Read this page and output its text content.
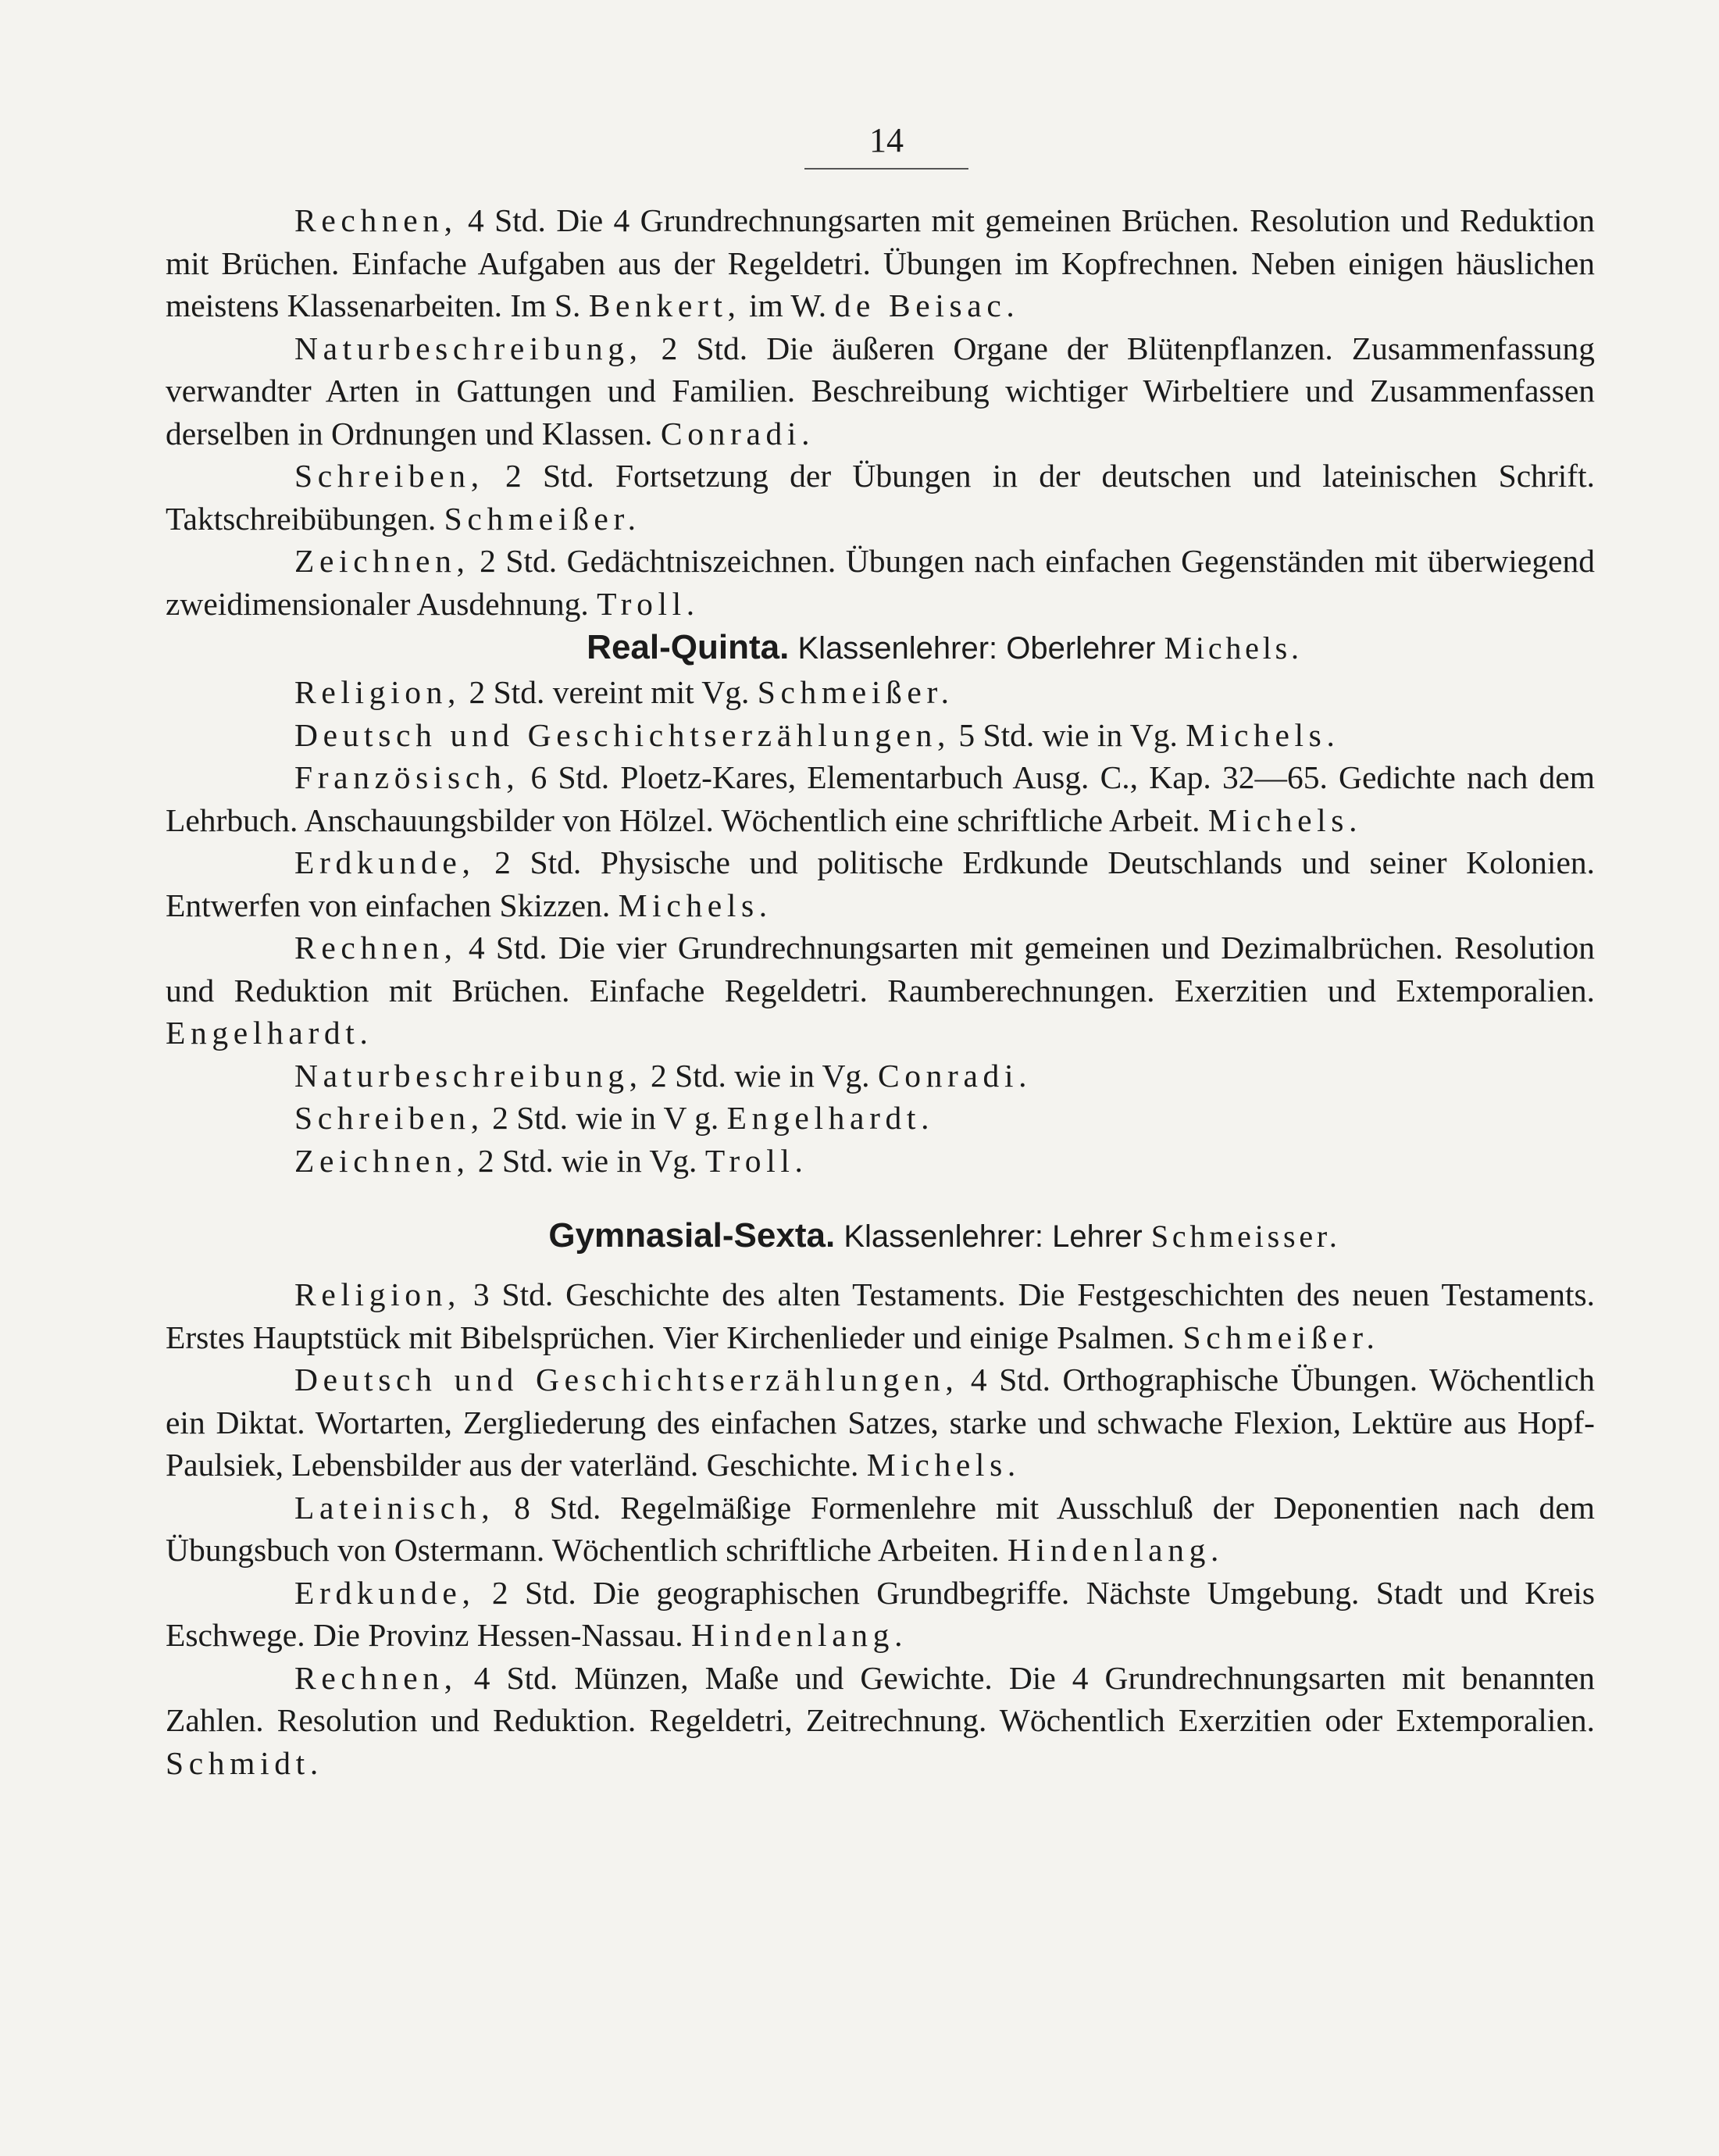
14

Rechnen, 4 Std. Die 4 Grundrechnungsarten mit gemeinen Brüchen. Resolution und Reduktion mit Brüchen. Einfache Aufgaben aus der Regeldetri. Übungen im Kopfrechnen. Neben einigen häuslichen meistens Klassenarbeiten. Im S. Benkert, im W. de Beisac.

Naturbeschreibung, 2 Std. Die äußeren Organe der Blütenpflanzen. Zusammenfassung verwandter Arten in Gattungen und Familien. Beschreibung wichtiger Wirbeltiere und Zusammenfassen derselben in Ordnungen und Klassen. Conradi.

Schreiben, 2 Std. Fortsetzung der Übungen in der deutschen und lateinischen Schrift. Taktschreibübungen. Schmeißer.

Zeichnen, 2 Std. Gedächtniszeichnen. Übungen nach einfachen Gegenständen mit überwiegend zweidimensionaler Ausdehnung. Troll.

Real-Quinta. Klassenlehrer: Oberlehrer Michels.

Religion, 2 Std. vereint mit Vg. Schmeißer.

Deutsch und Geschichtserzählungen, 5 Std. wie in Vg. Michels.

Französisch, 6 Std. Ploetz-Kares, Elementarbuch Ausg. C., Kap. 32—65. Gedichte nach dem Lehrbuch. Anschauungsbilder von Hölzel. Wöchentlich eine schriftliche Arbeit. Michels.

Erdkunde, 2 Std. Physische und politische Erdkunde Deutschlands und seiner Kolonien. Entwerfen von einfachen Skizzen. Michels.

Rechnen, 4 Std. Die vier Grundrechnungsarten mit gemeinen und Dezimalbrüchen. Resolution und Reduktion mit Brüchen. Einfache Regeldetri. Raumberechnungen. Exerzitien und Extemporalien. Engelhardt.

Naturbeschreibung, 2 Std. wie in Vg. Conradi.

Schreiben, 2 Std. wie in V g. Engelhardt.

Zeichnen, 2 Std. wie in Vg. Troll.

Gymnasial-Sexta. Klassenlehrer: Lehrer Schmeisser.

Religion, 3 Std. Geschichte des alten Testaments. Die Festgeschichten des neuen Testaments. Erstes Hauptstück mit Bibelsprüchen. Vier Kirchenlieder und einige Psalmen. Schmeißer.

Deutsch und Geschichtserzählungen, 4 Std. Orthographische Übungen. Wöchentlich ein Diktat. Wortarten, Zergliederung des einfachen Satzes, starke und schwache Flexion, Lektüre aus Hopf-Paulsiek, Lebensbilder aus der vaterländ. Geschichte. Michels.

Lateinisch, 8 Std. Regelmäßige Formenlehre mit Ausschluß der Deponentien nach dem Übungsbuch von Ostermann. Wöchentlich schriftliche Arbeiten. Hindenlang.

Erdkunde, 2 Std. Die geographischen Grundbegriffe. Nächste Umgebung. Stadt und Kreis Eschwege. Die Provinz Hessen-Nassau. Hindenlang.

Rechnen, 4 Std. Münzen, Maße und Gewichte. Die 4 Grundrechnungsarten mit benannten Zahlen. Resolution und Reduktion. Regeldetri, Zeitrechnung. Wöchentlich Exerzitien oder Extemporalien. Schmidt.
